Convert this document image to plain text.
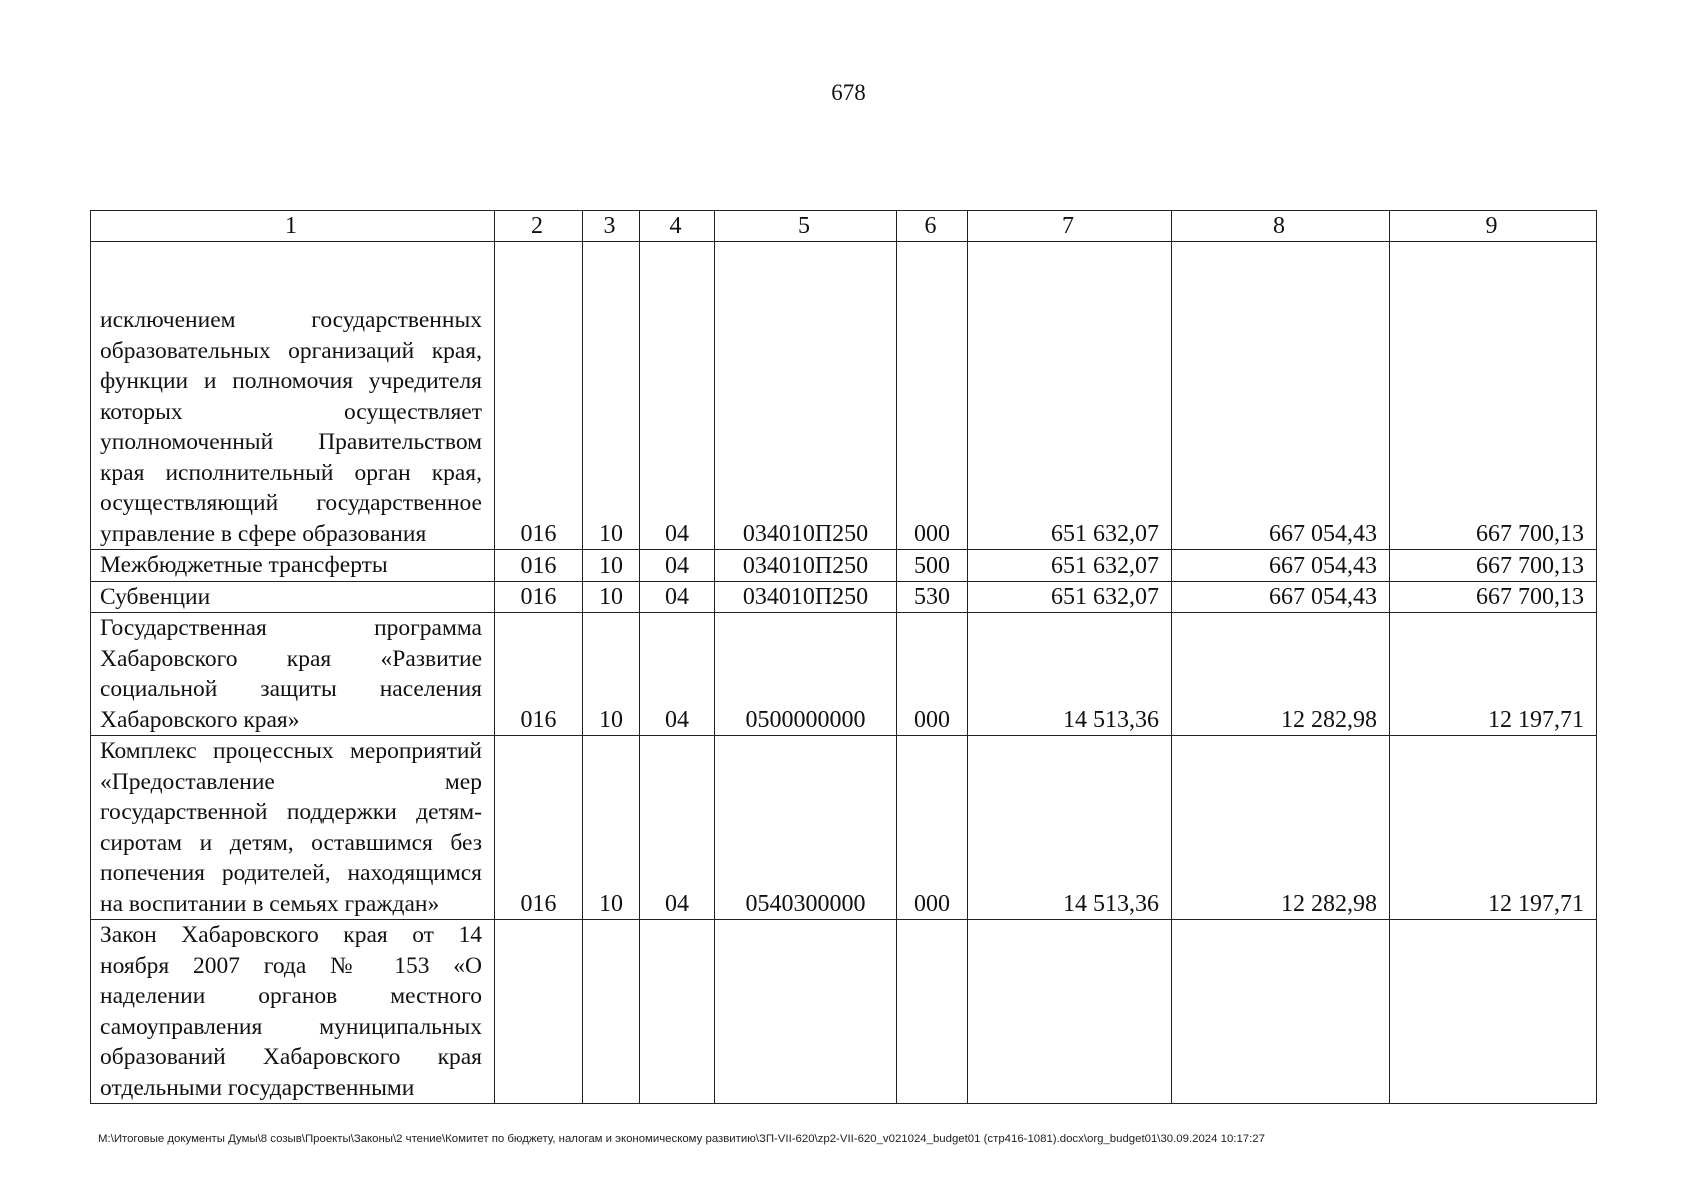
678
1	2	3	4	5	6	7	8	9
исключением государственных образовательных организаций края, функции и полномочия учредителя которых осуществляет уполномоченный Правительством края исполнительный орган края, осуществляющий государственное управление в сфере образования	016	10	04	034010П250	000	651 632,07	667 054,43	667 700,13
Межбюджетные трансферты	016	10	04	034010П250	500	651 632,07	667 054,43	667 700,13
Субвенции	016	10	04	034010П250	530	651 632,07	667 054,43	667 700,13
Государственная программа Хабаровского края «Развитие социальной защиты населения Хабаровского края»	016	10	04	0500000000	000	14 513,36	12 282,98	12 197,71
Комплекс процессных мероприятий «Предоставление мер государственной поддержки детям-сиротам и детям, оставшимся без попечения родителей, находящимся на воспитании в семьях граждан»	016	10	04	0540300000	000	14 513,36	12 282,98	12 197,71
Закон Хабаровского края от 14 ноября 2007 года № 153 «О наделении органов местного самоуправления муниципальных образований Хабаровского края отдельными государственными								
M:\Итоговые документы Думы\8 созыв\Проекты\Законы\2 чтение\Комитет по бюджету, налогам и экономическому развитию\ЗП-VII-620\zp2-VII-620_v021024_budget01 (стр416-1081).docx\org_budget01\30.09.2024 10:17:27
